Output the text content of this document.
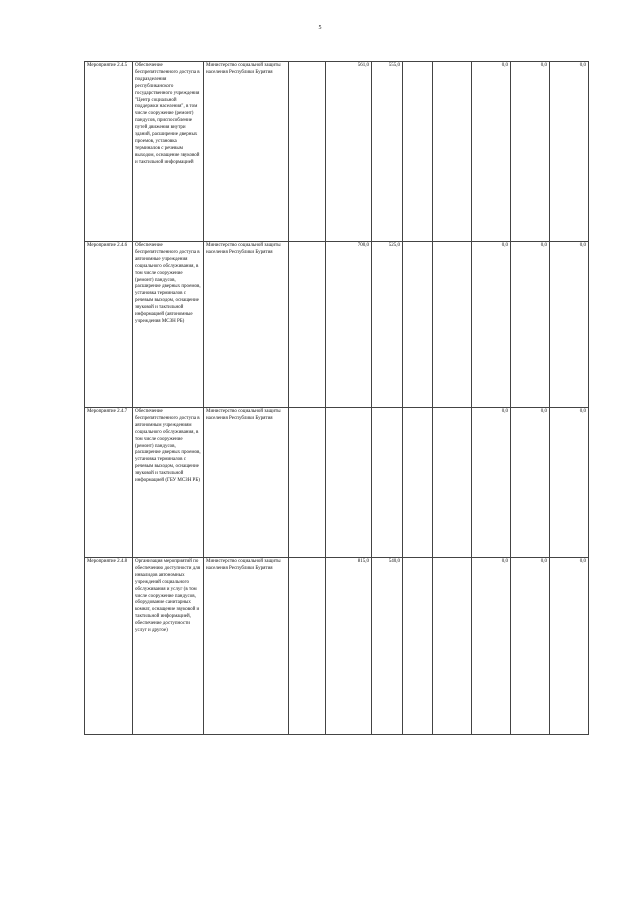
5
Мероприятие 2.4.5	Обеспечение беспрепятственного доступа в подразделения республиканского государственного учреждения "Центр социальной поддержки населения", в том числе сооружение (ремонт) пандусов, приспособление путей движения внутри зданий, расширение дверных проемов, установка терминалов с речевым выходом, оснащение звуковой и тактильной информацией	Министерство социальной защиты населения Республики Бурятия		561,0	555,0			0,0	0,0	0,0
Мероприятие 2.4.6	Обеспечение беспрепятственного доступа в автономные учреждения социального обслуживания, в том числе сооружение (ремонт) пандусов, расширение дверных проемов, установка терминалов с речевым выходом, оснащение звуковой и тактильной информацией (автономные учреждения МСЗН РБ)	Министерство социальной защиты населения Республики Бурятия		700,0	525,0			0,0	0,0	0,0
Мероприятие 2.4.7	Обеспечение беспрепятственного доступа в автономным учреждениям социального обслуживания, в том числе сооружение (ремонт) пандусов, расширение дверных проемов, установка терминалов с речевым выходом, оснащение звуковой и тактильной информацией (ГБУ МСЗН РБ)	Министерство социальной защиты населения Республики Бурятия						0,0	0,0	0,0
Мероприятие 2.4.8	Организация мероприятий по обеспечению доступности для инвалидов автономных учреждений социального обслуживания и услуг (в том числе сооружение пандусов, оборудование санитарных комнат, оснащение звуковой и тактильной информацией, обеспечение доступности услуг и другое)	Министерство социальной защиты населения Республики Бурятия		815,0	540,0			0,0	0,0	0,0
